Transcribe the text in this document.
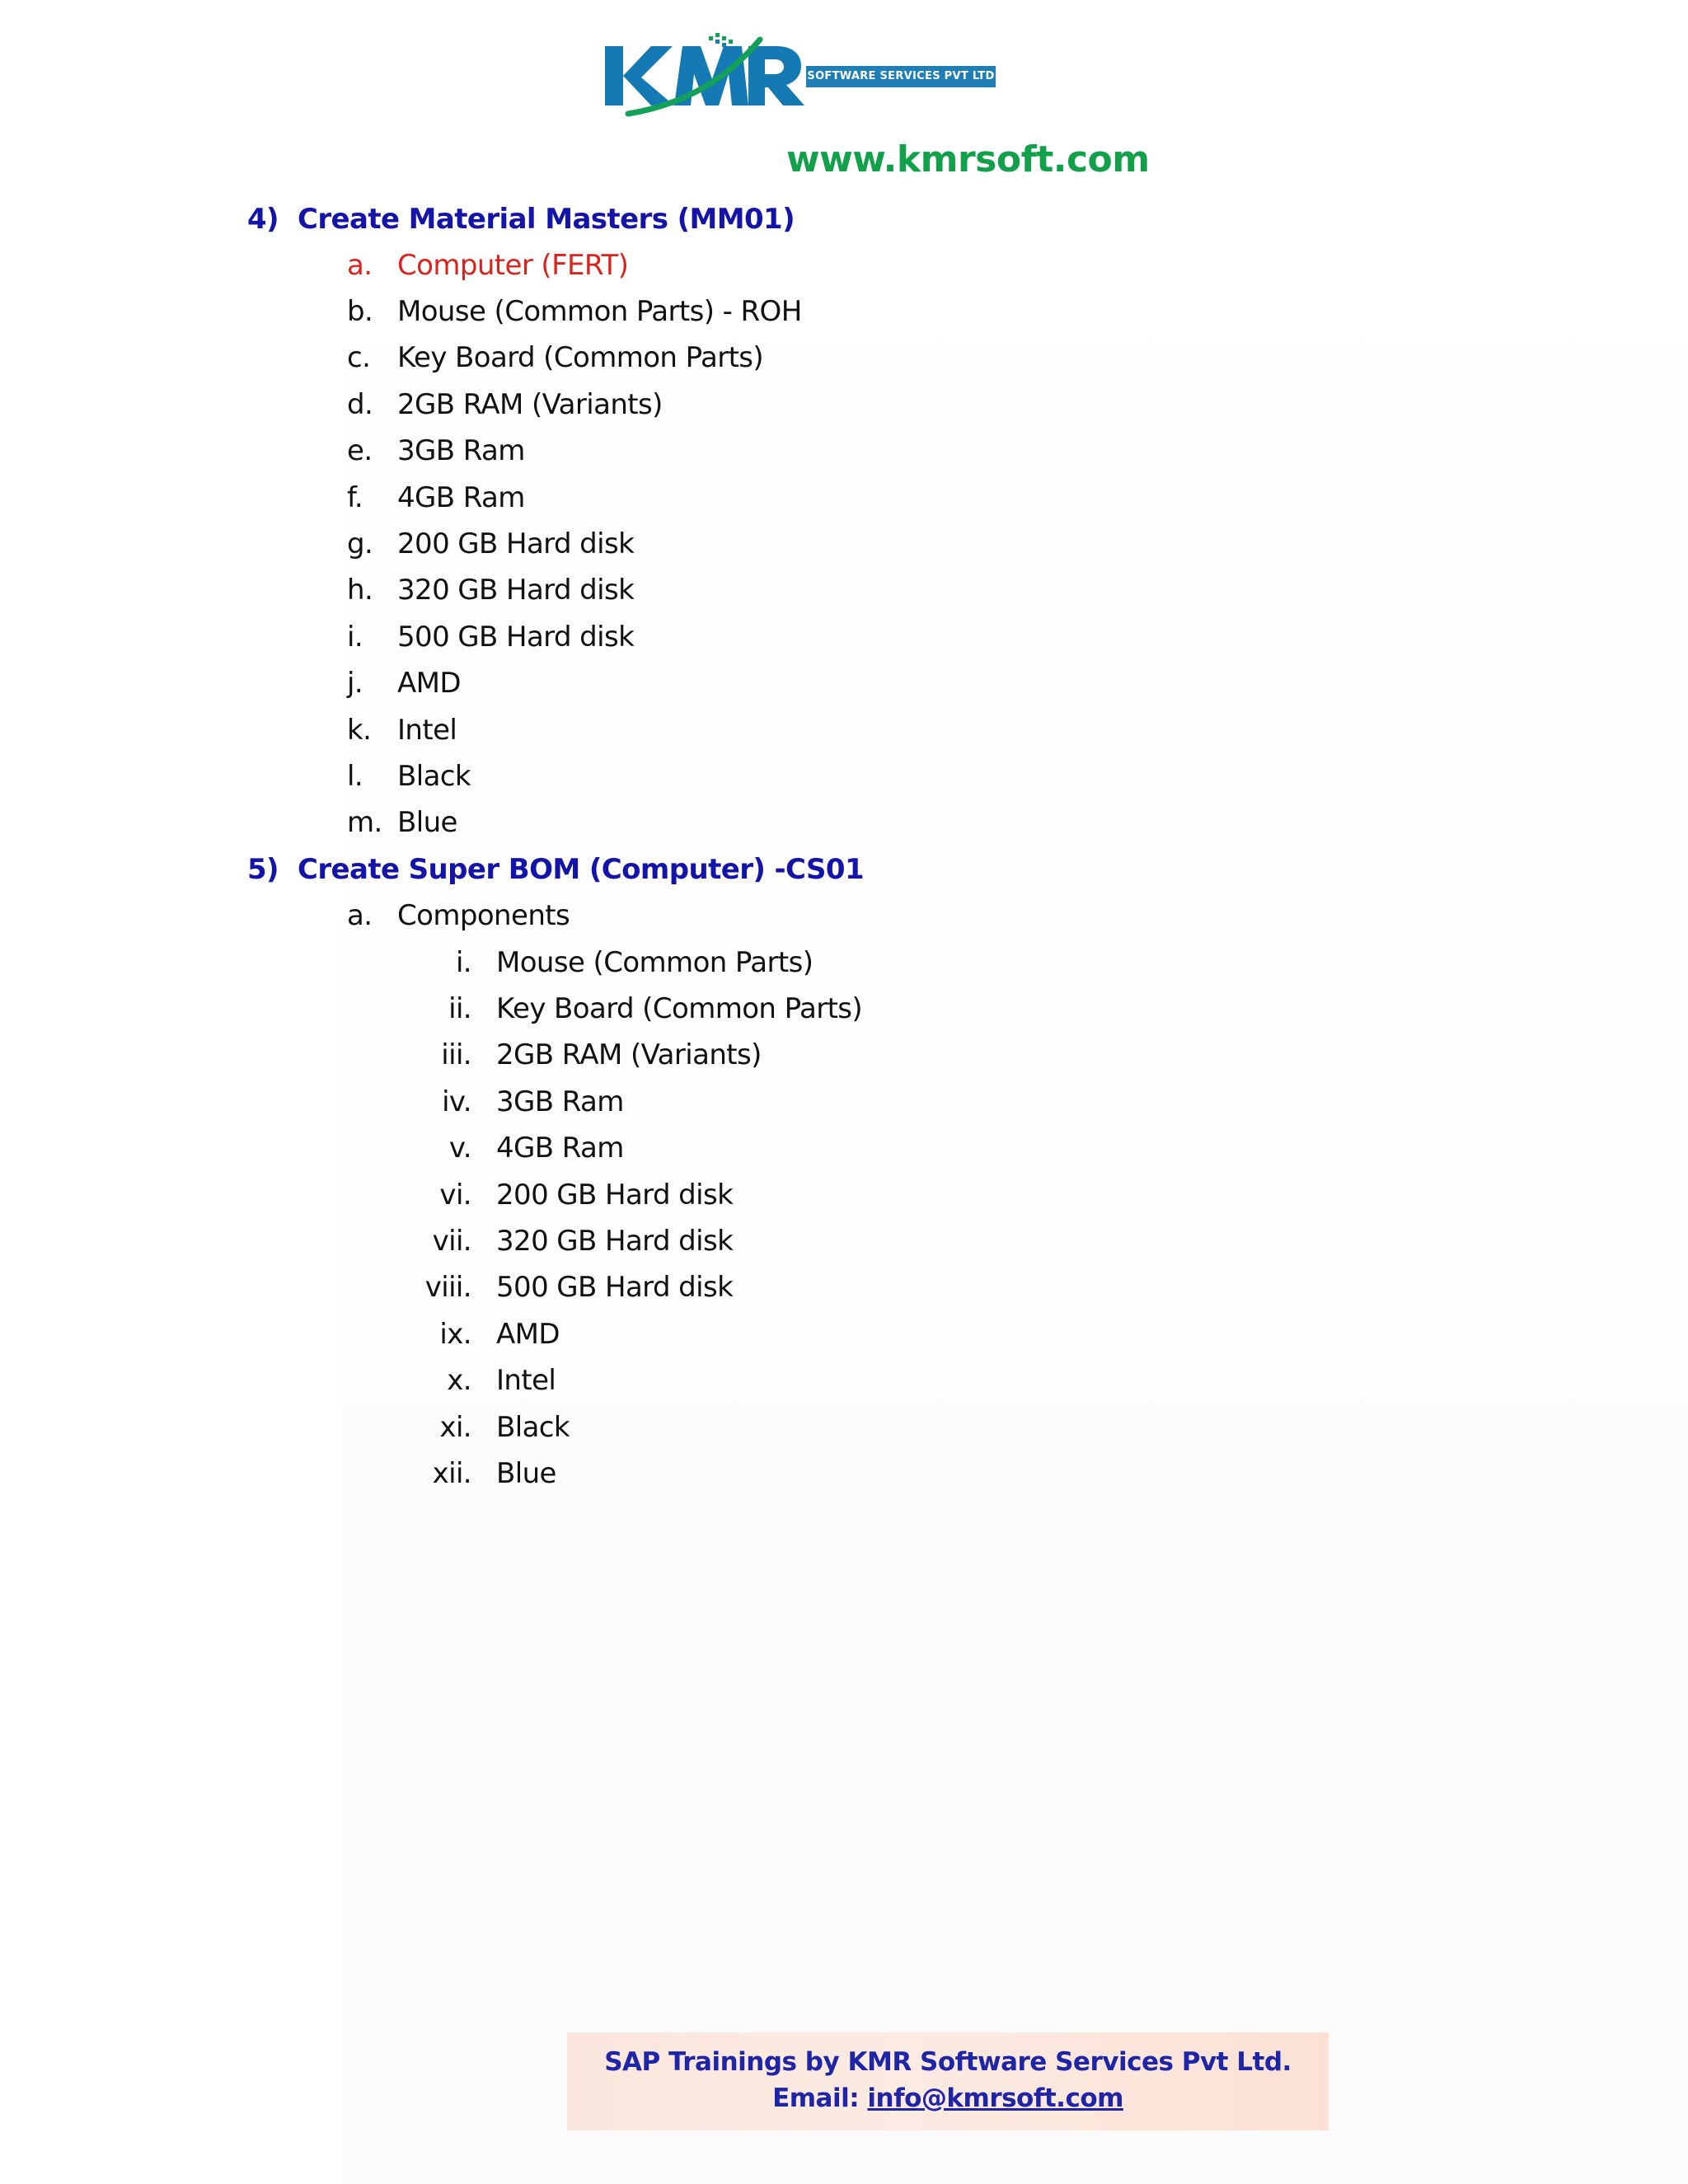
SOFTWARE SERVICES PVT LTD
www.kmrsoft.com
4) Create Material Masters (MM01)
a. Computer (FERT)
b. Mouse (Common Parts) - ROH
c. Key Board (Common Parts)
d. 2GB RAM (Variants)
e. 3GB Ram
f.	4GB Ram
g. 200 GB Hard disk
h. 320 GB Hard disk
i.	500 GB Hard disk
j.	AMD
k. Intel
l.	Black
m. Blue
5) Create Super BOM (Computer) -CS01
a. Components
i. Mouse (Common Parts)
ii. Key Board (Common Parts)
iii. 2GB RAM (Variants)
iv. 3GB Ram
v. 4GB Ram
vi. 200 GB Hard disk
vii. 320 GB Hard disk
viii. 500 GB Hard disk
ix. AMD
x. Intel
xi. Black
xii. Blue
SAP Trainings by KMR Software Services Pvt Ltd.
Email: info@kmrsoft.com
